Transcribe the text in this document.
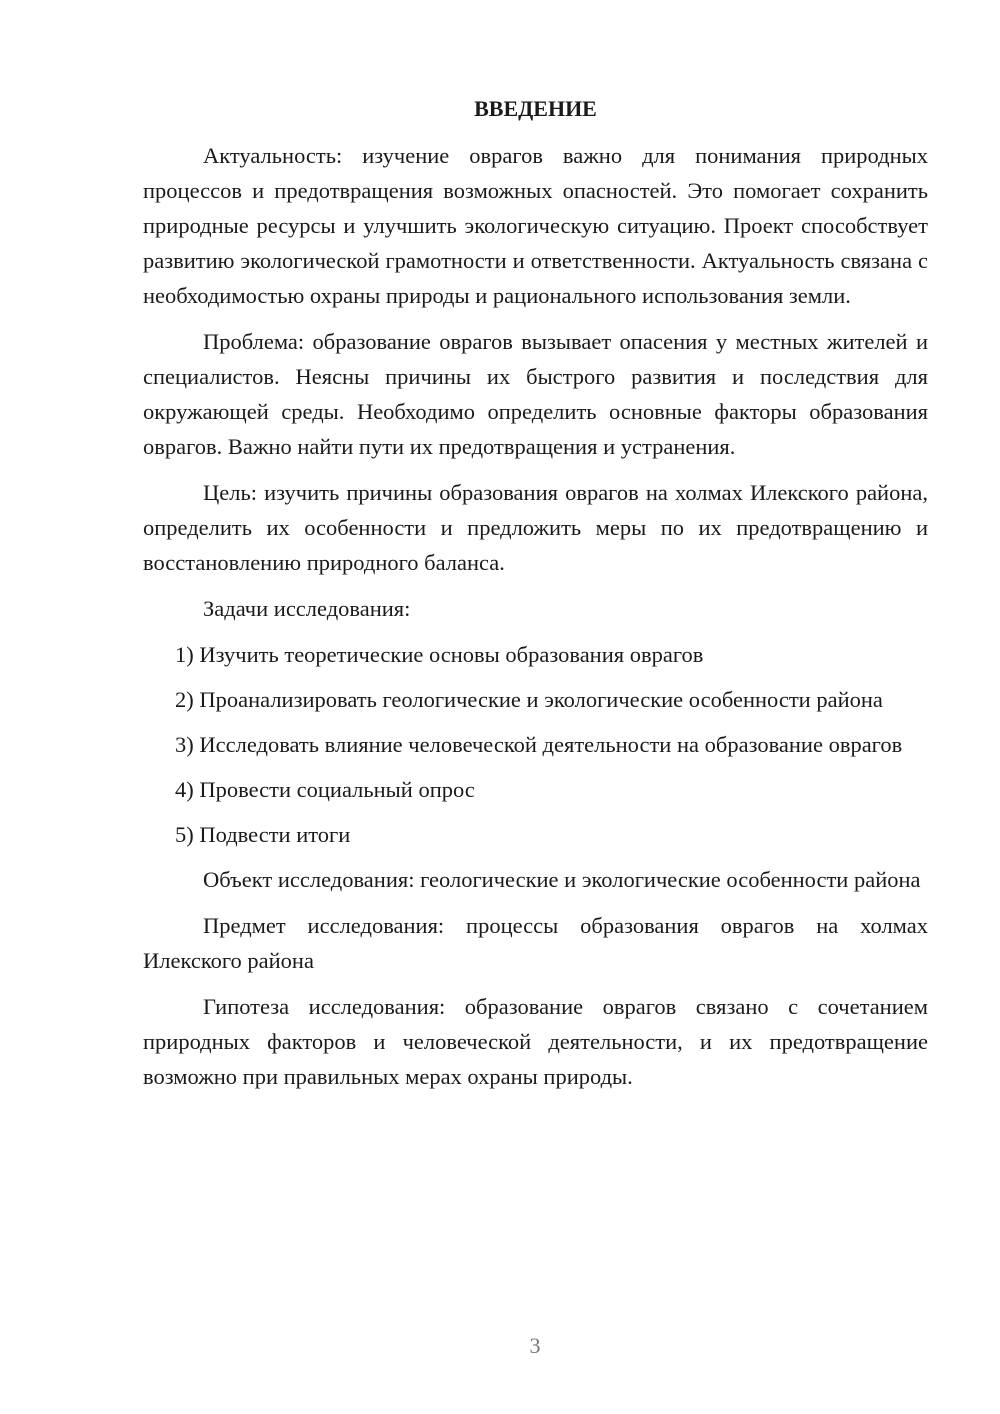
ВВЕДЕНИЕ

Актуальность: изучение оврагов важно для понимания природных процессов и предотвращения возможных опасностей. Это помогает сохранить природные ресурсы и улучшить экологическую ситуацию. Проект способствует развитию экологической грамотности и ответственности. Актуальность связана с необходимостью охраны природы и рационального использования земли.

Проблема: образование оврагов вызывает опасения у местных жителей и специалистов. Неясны причины их быстрого развития и последствия для окружающей среды. Необходимо определить основные факторы образования оврагов. Важно найти пути их предотвращения и устранения.

Цель: изучить причины образования оврагов на холмах Илекского района, определить их особенности и предложить меры по их предотвращению и восстановлению природного баланса.

Задачи исследования:

1) Изучить теоретические основы образования оврагов

2) Проанализировать геологические и экологические особенности района

3) Исследовать влияние человеческой деятельности на образование оврагов

4) Провести социальный опрос

5) Подвести итоги

Объект исследования: геологические и экологические особенности района

Предмет исследования: процессы образования оврагов на холмах Илекского района

Гипотеза исследования: образование оврагов связано с сочетанием природных факторов и человеческой деятельности, и их предотвращение возможно при правильных мерах охраны природы.

3
